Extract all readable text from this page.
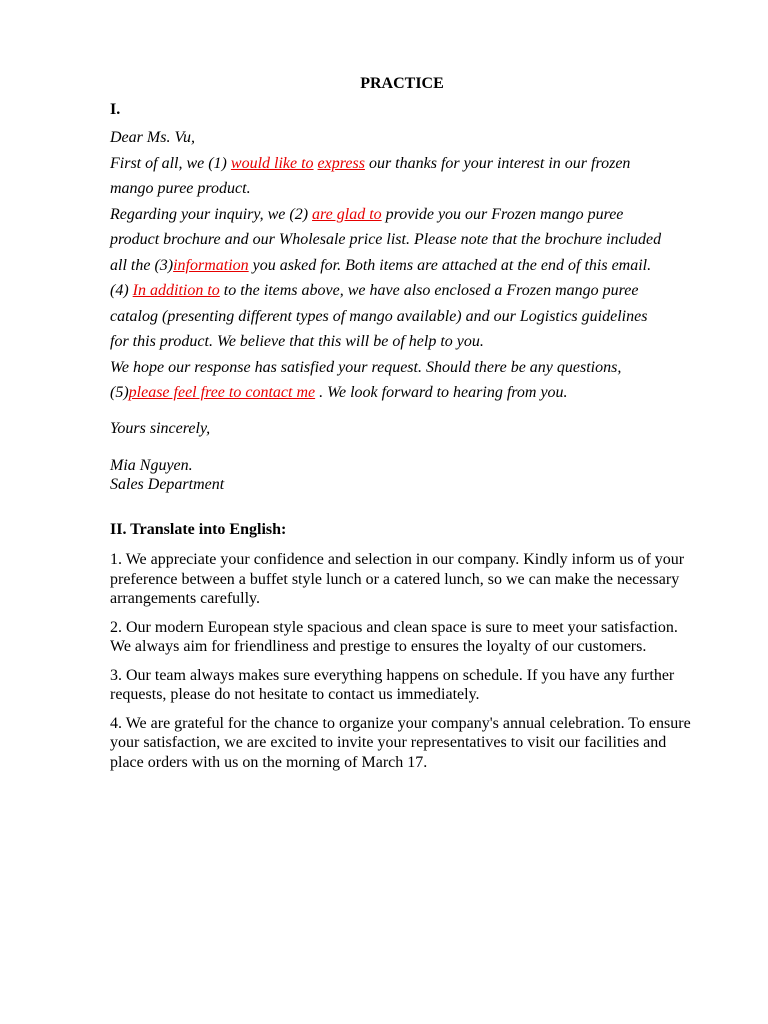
PRACTICE
I.

Dear Ms. Vu,

First of all, we (1) would like to express our thanks for your interest in our frozen

mango puree product.

Regarding your inquiry, we (2) are glad to provide you our Frozen mango puree

product brochure and our Wholesale price list. Please note that the brochure included

all the (3)information you asked for. Both items are attached at the end of this email.

(4) In addition to to the items above, we have also enclosed a Frozen mango puree

catalog (presenting different types of mango available) and our Logistics guidelines

for this product. We believe that this will be of help to you.

We hope our response has satisfied your request. Should there be any questions,

(5)please feel free to contact me . We look forward to hearing from you.

Yours sincerely,
Mia Nguyen.
Sales Department
II. Translate into English:

1. We appreciate your confidence and selection in our company. Kindly inform us of your preference between a buffet style lunch or a catered lunch, so we can make the necessary arrangements carefully.

2. Our modern European style spacious and clean space is sure to meet your satisfaction. We always aim for friendliness and prestige to ensures the loyalty of our customers.

3. Our team always makes sure everything happens on schedule. If you have any further requests, please do not hesitate to contact us immediately.

4. We are grateful for the chance to organize your company's annual celebration. To ensure your satisfaction, we are excited to invite your representatives to visit our facilities and place orders with us on the morning of March 17.
